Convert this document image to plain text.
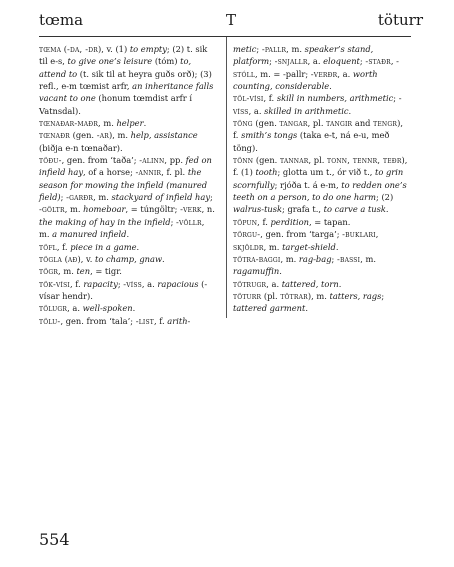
tœma	T	töturr

tœma (-da, -dr), v. (1) to empty; (2) t. sik til e-s, to give one’s leisure (tóm) to, attend to (t. sik til at heyra guðs orð); (3) refl., e-m tœmist arfr, an inheritance falls vacant to one (honum tœmdist arfr í Vatnsdal).

tœnaðar-maðr, m. helper.

tœnaðr (gen. -ar), m. help, assistance (biðja e-n tœnaðar).

töðu-, gen. from ‘taða’; -alinn, pp. fed on infield hay, of a horse; -annir, f. pl. the season for mowing the infield (manured field); -garðr, m. stackyard of infield hay; -göltr, m. homeboar, = túngöltr; -verk, n. the making of hay in the infield; -völlr, m. a manured infield.

töfl, f. piece in a game.

tögla (að), v. to champ, gnaw.

tögr, m. ten, = tigr.

tök-vísi, f. rapacity; -víss, a. rapacious (-vísar hendr).

tölugr, a. well-spoken.

tölu-, gen. from ‘tala’; -list, f. arith-

metic; -pallr, m. speaker’s stand, platform; -snjallr, a. eloquent; -staðr, -stóll, m. = -pallr; -verðr, a. worth counting, considerable.

töl-vísi, f. skill in numbers, arithmetic; -víss, a. skilled in arithmetic.

töng (gen. tangar, pl. tangir and tengr), f. smith’s tongs (taka e-t, ná e-u, með töng).

tönn (gen. tannar, pl. tonn, tennr, teðr), f. (1) tooth; glotta um t., ór við t., to grin scornfully; rjóða t. á e-m, to redden one’s teeth on a person, to do one harm; (2) walrus-tusk; grafa t., to carve a tusk.

töpun, f. perdition, = tapan.

törgu-, gen. from ‘targa’; -buklari, skjöldr, m. target-shield.

tötra-baggi, m. rag-bag; -bassi, m. ragamuffin.

tötrugr, a. tattered, torn.

töturr (pl. tötrar), m. tatters, rags; tattered garment.

554
